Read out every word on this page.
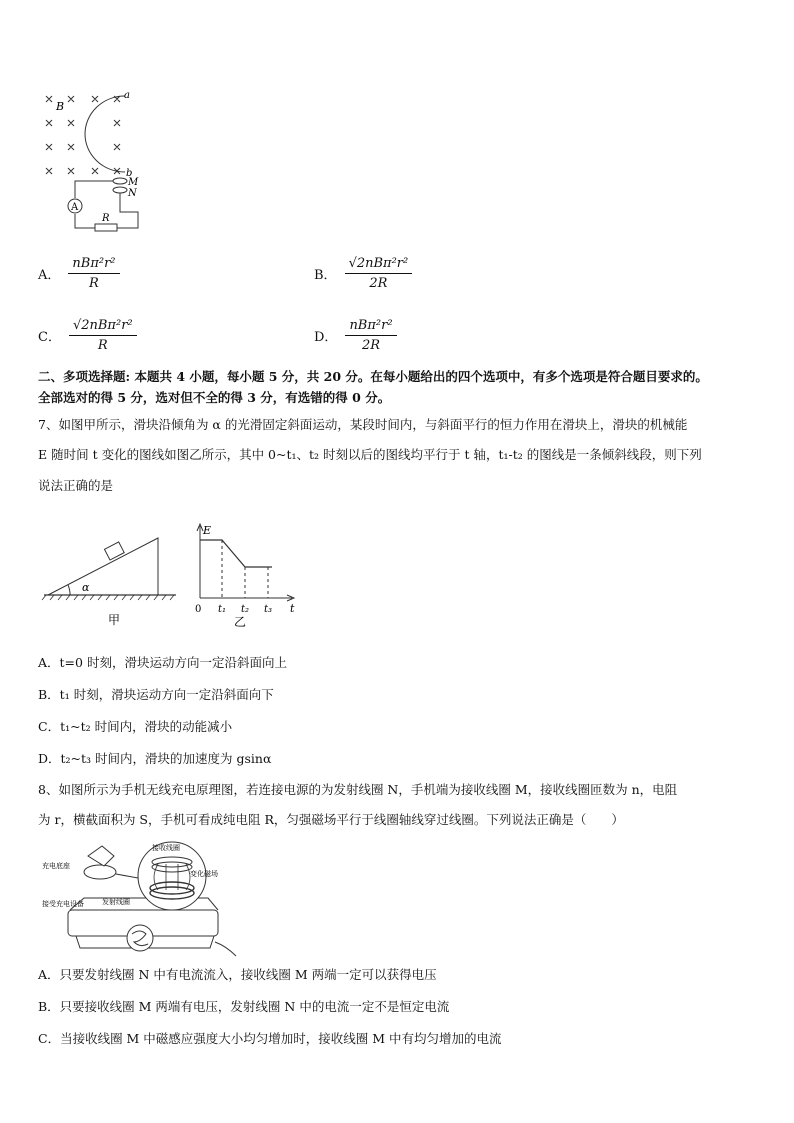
B
a
b
M
N
A
R
A． $\frac{\text{nBπ²r²}}{R}$	B． $\frac{\text{√2nBπ²r²}}{2R}$
C． $\frac{\text{√2nBπ²r²}}{R}$	D． $\frac{\text{nBπ²r²}}{2R}$
二、多项选择题: 本题共 4 小题，每小题 5 分，共 20 分。在每小题给出的四个选项中，有多个选项是符合题目要求的。
全部选对的得 5 分，选对但不全的得 3 分，有选错的得 0 分。
7、如图甲所示，滑块沿倾角为 α 的光滑固定斜面运动，某段时间内，与斜面平行的恒力作用在滑块上，滑块的机械能
E 随时间 t 变化的图线如图乙所示，其中 0~t₁、t₂ 时刻以后的图线均平行于 t 轴，t₁-t₂ 的图线是一条倾斜线段，则下列
说法正确的是
α
甲
E
t
0 t₁ t₂ t₃
乙
A．t=0 时刻，滑块运动方向一定沿斜面向上
B．t₁ 时刻，滑块运动方向一定沿斜面向下
C．t₁~t₂ 时间内，滑块的动能减小
D．t₂~t₃ 时间内，滑块的加速度为 gsinα
8、如图所示为手机无线充电原理图，若连接电源的为发射线圈 N，手机端为接收线圈 M，接收线圈匝数为 n，电阻
为 r，横截面积为 S，手机可看成纯电阻 R，匀强磁场平行于线圈轴线穿过线圈。下列说法正确是（　　）
接收线圈
充电底座
变化磁场
发射线圈
接受充电设备
A．只要发射线圈 N 中有电流流入，接收线圈 M 两端一定可以获得电压
B．只要接收线圈 M 两端有电压，发射线圈 N 中的电流一定不是恒定电流
C．当接收线圈 M 中磁感应强度大小均匀增加时，接收线圈 M 中有均匀增加的电流
